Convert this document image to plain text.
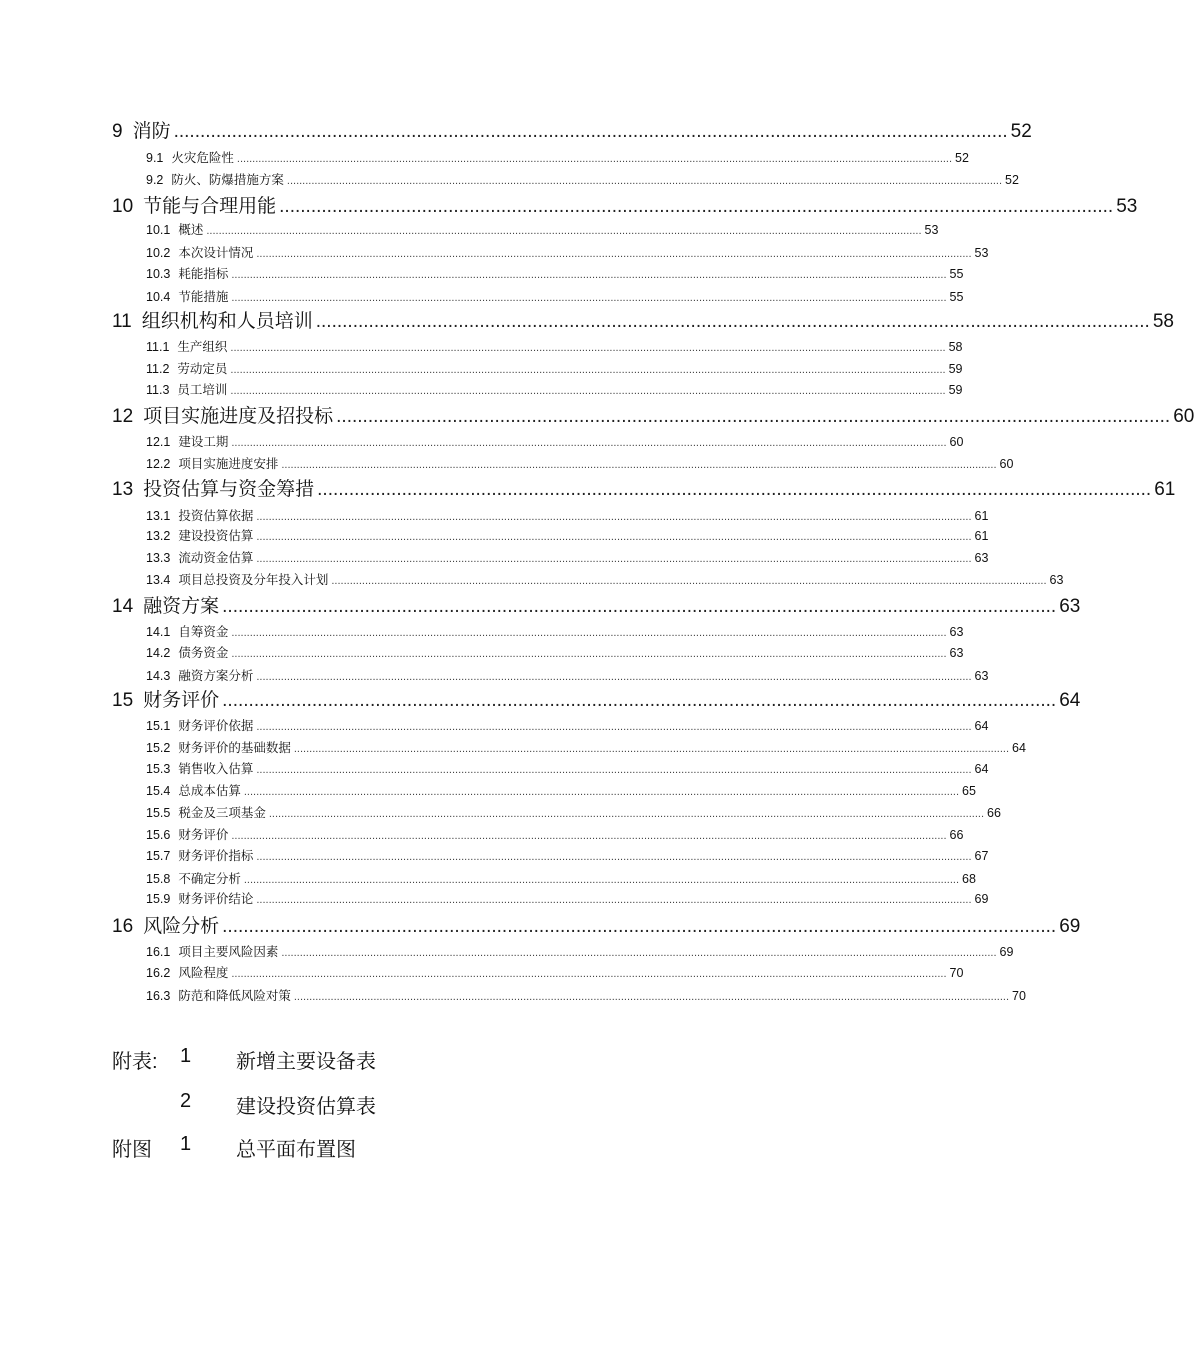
9 消防 .............................................................................................................................................................. 52
9.1 火灾危险性 .......................................................................................................................................................................................................................................... 52
9.2 防火、防爆措施方案 .......................................................................................................................................................................................................................................... 52
10 节能与合理用能 .............................................................................................................................................................. 53
10.1 概述 .......................................................................................................................................................................................................................................... 53
10.2 本次设计情况 .......................................................................................................................................................................................................................................... 53
10.3 耗能指标 .......................................................................................................................................................................................................................................... 55
10.4 节能措施 .......................................................................................................................................................................................................................................... 55
11 组织机构和人员培训 .............................................................................................................................................................. 58
11.1 生产组织 .......................................................................................................................................................................................................................................... 58
11.2 劳动定员 .......................................................................................................................................................................................................................................... 59
11.3 员工培训 .......................................................................................................................................................................................................................................... 59
12 项目实施进度及招投标 .............................................................................................................................................................. 60
12.1 建设工期 .......................................................................................................................................................................................................................................... 60
12.2 项目实施进度安排 .......................................................................................................................................................................................................................................... 60
13 投资估算与资金筹措 .............................................................................................................................................................. 61
13.1 投资估算依据 .......................................................................................................................................................................................................................................... 61
13.2 建设投资估算 .......................................................................................................................................................................................................................................... 61
13.3 流动资金估算 .......................................................................................................................................................................................................................................... 63
13.4 项目总投资及分年投入计划 .......................................................................................................................................................................................................................................... 63
14 融资方案 .............................................................................................................................................................. 63
14.1 自筹资金 .......................................................................................................................................................................................................................................... 63
14.2 债务资金 .......................................................................................................................................................................................................................................... 63
14.3 融资方案分析 .......................................................................................................................................................................................................................................... 63
15 财务评价 .............................................................................................................................................................. 64
15.1 财务评价依据 .......................................................................................................................................................................................................................................... 64
15.2 财务评价的基础数据 .......................................................................................................................................................................................................................................... 64
15.3 销售收入估算 .......................................................................................................................................................................................................................................... 64
15.4 总成本估算 .......................................................................................................................................................................................................................................... 65
15.5 税金及三项基金 .......................................................................................................................................................................................................................................... 66
15.6 财务评价 .......................................................................................................................................................................................................................................... 66
15.7 财务评价指标 .......................................................................................................................................................................................................................................... 67
15.8 不确定分析 .......................................................................................................................................................................................................................................... 68
15.9 财务评价结论 .......................................................................................................................................................................................................................................... 69
16 风险分析 .............................................................................................................................................................. 69
16.1 项目主要风险因素 .......................................................................................................................................................................................................................................... 69
16.2 风险程度 .......................................................................................................................................................................................................................................... 70
16.3 防范和降低风险对策 .......................................................................................................................................................................................................................................... 70
附表: 1 新增主要设备表
2 建设投资估算表
附图 1 总平面布置图
